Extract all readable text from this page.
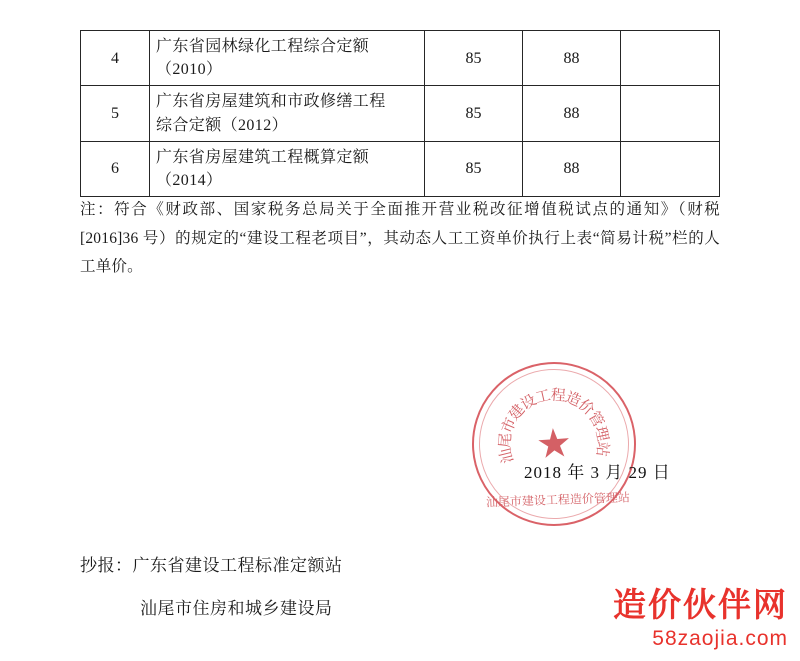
4	广东省园林绿化工程综合定额
（2010）	85	88	
5	广东省房屋建筑和市政修缮工程
综合定额（2012）	85	88	
6	广东省房屋建筑工程概算定额
（2014）	85	88	
注：符合《财政部、国家税务总局关于全面推开营业税改征增值税试点的通知》（财税[2016]36 号）的规定的“建设工程老项目”，其动态人工工资单价执行上表“简易计税”栏的人工单价。
★
汕尾市建设工程造价管理站
汕
尾
市
建
设
工
程
造
价
管
理
站
2018 年 3 月 29 日
抄报：广东省建设工程标准定额站
汕尾市住房和城乡建设局	造价伙伴网
58zaojia.com
